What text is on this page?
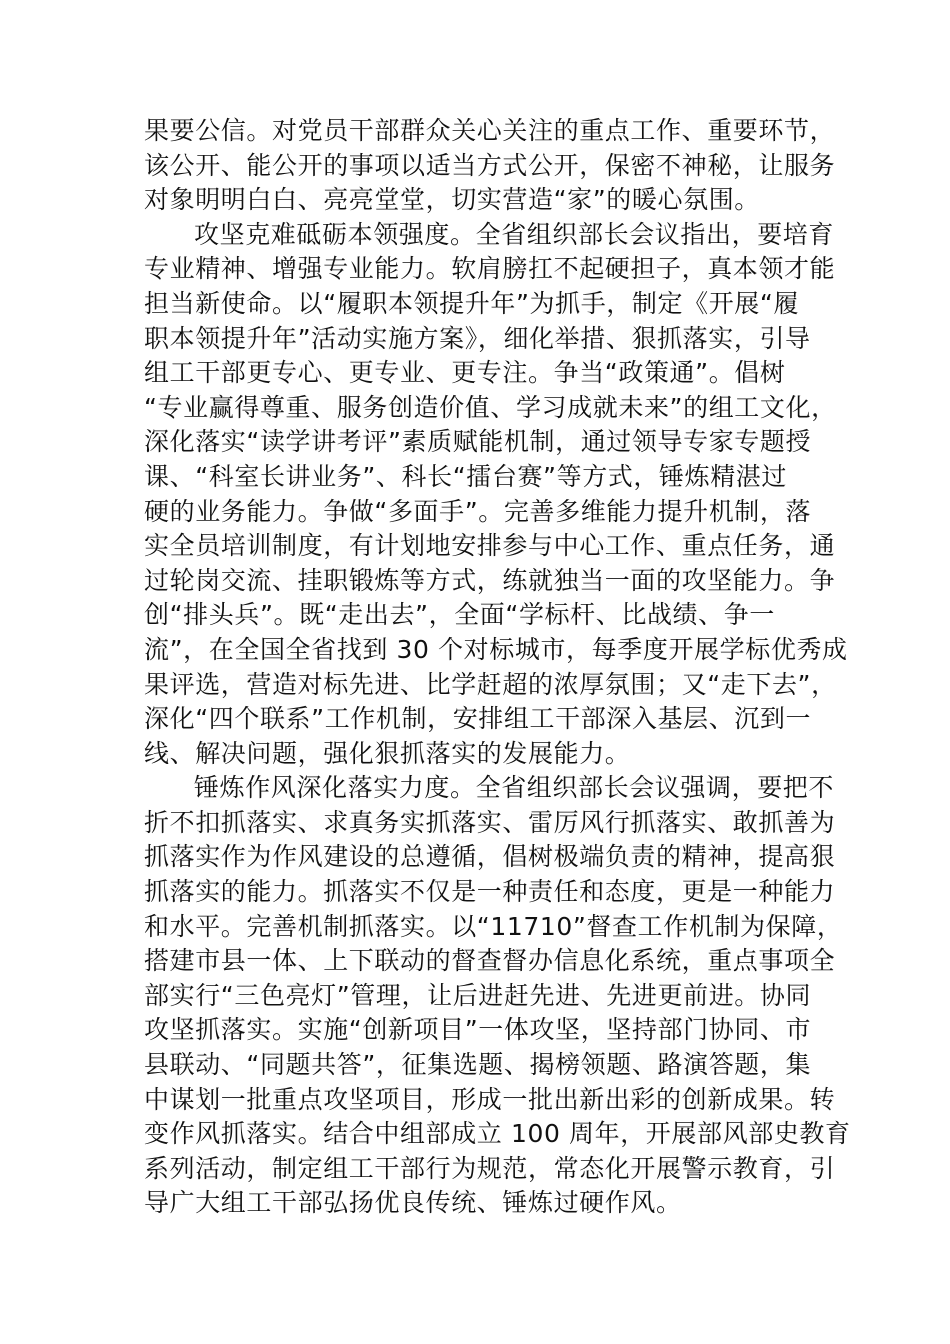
果要公信。对党员干部群众关心关注的重点工作、重要环节，
该公开、能公开的事项以适当方式公开，保密不神秘，让服务
对象明明白白、亮亮堂堂，切实营造“家”的暖心氛围。
攻坚克难砥砺本领强度。全省组织部长会议指出，要培育
专业精神、增强专业能力。软肩膀扛不起硬担子，真本领才能
担当新使命。以“履职本领提升年”为抓手，制定《开展“履
职本领提升年”活动实施方案》，细化举措、狠抓落实，引导
组工干部更专心、更专业、更专注。争当“政策通”。倡树
“专业赢得尊重、服务创造价值、学习成就未来”的组工文化，
深化落实“读学讲考评”素质赋能机制，通过领导专家专题授
课、“科室长讲业务”、科长“擂台赛”等方式，锤炼精湛过
硬的业务能力。争做“多面手”。完善多维能力提升机制，落
实全员培训制度，有计划地安排参与中心工作、重点任务，通
过轮岗交流、挂职锻炼等方式，练就独当一面的攻坚能力。争
创“排头兵”。既“走出去”，全面“学标杆、比战绩、争一
流”，在全国全省找到 30 个对标城市，每季度开展学标优秀成
果评选，营造对标先进、比学赶超的浓厚氛围；又“走下去”，
深化“四个联系”工作机制，安排组工干部深入基层、沉到一
线、解决问题，强化狠抓落实的发展能力。
锤炼作风深化落实力度。全省组织部长会议强调，要把不
折不扣抓落实、求真务实抓落实、雷厉风行抓落实、敢抓善为
抓落实作为作风建设的总遵循，倡树极端负责的精神，提高狠
抓落实的能力。抓落实不仅是一种责任和态度，更是一种能力
和水平。完善机制抓落实。以“11710”督查工作机制为保障，
搭建市县一体、上下联动的督查督办信息化系统，重点事项全
部实行“三色亮灯”管理，让后进赶先进、先进更前进。协同
攻坚抓落实。实施“创新项目”一体攻坚，坚持部门协同、市
县联动、“同题共答”，征集选题、揭榜领题、路演答题，集
中谋划一批重点攻坚项目，形成一批出新出彩的创新成果。转
变作风抓落实。结合中组部成立 100 周年，开展部风部史教育
系列活动，制定组工干部行为规范，常态化开展警示教育，引
导广大组工干部弘扬优良传统、锤炼过硬作风。
